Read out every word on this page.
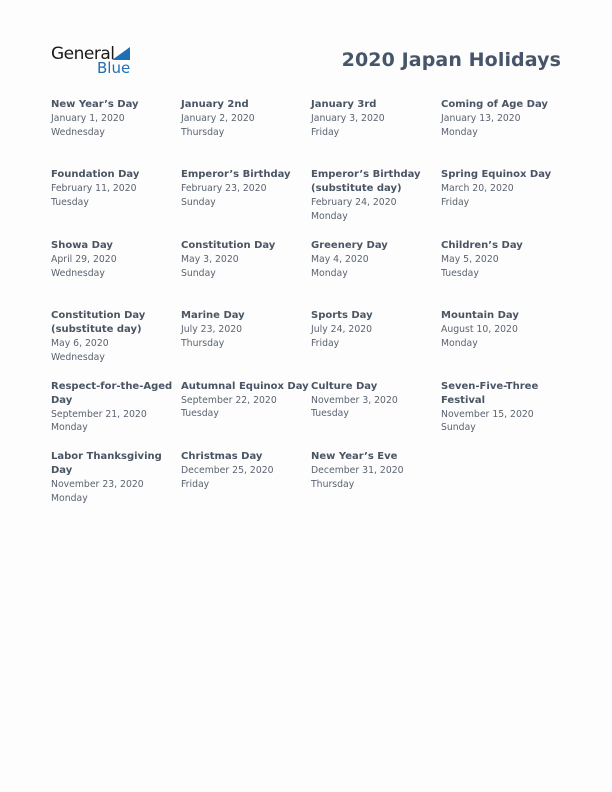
General
Blue	2020 Japan Holidays
New Year’s Day
January 1, 2020
Wednesday
January 2nd
January 2, 2020
Thursday
January 3rd
January 3, 2020
Friday
Coming of Age Day
January 13, 2020
Monday
Foundation Day
February 11, 2020
Tuesday
Emperor’s Birthday
February 23, 2020
Sunday
Emperor’s Birthday (substitute day)
February 24, 2020
Monday
Spring Equinox Day
March 20, 2020
Friday
Showa Day
April 29, 2020
Wednesday
Constitution Day
May 3, 2020
Sunday
Greenery Day
May 4, 2020
Monday
Children’s Day
May 5, 2020
Tuesday
Constitution Day (substitute day)
May 6, 2020
Wednesday
Marine Day
July 23, 2020
Thursday
Sports Day
July 24, 2020
Friday
Mountain Day
August 10, 2020
Monday
Respect-for-the-Aged Day
September 21, 2020
Monday
Autumnal Equinox Day
September 22, 2020
Tuesday
Culture Day
November 3, 2020
Tuesday
Seven-Five-Three Festival
November 15, 2020
Sunday
Labor Thanksgiving Day
November 23, 2020
Monday
Christmas Day
December 25, 2020
Friday
New Year’s Eve
December 31, 2020
Thursday
